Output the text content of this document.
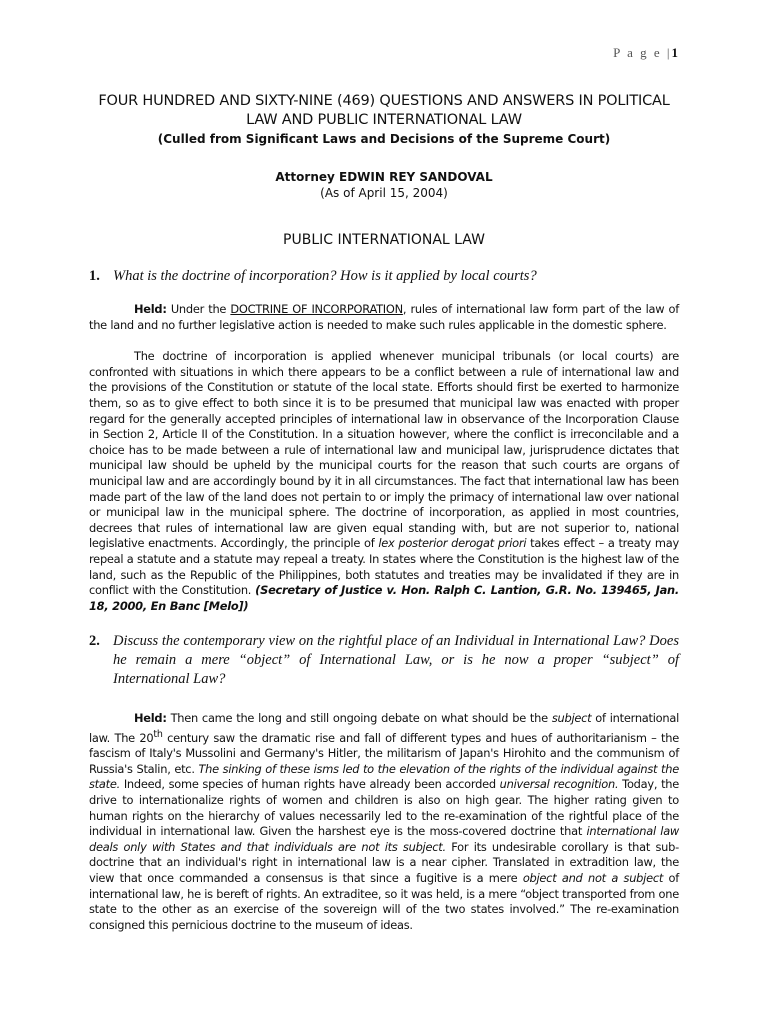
P a g e |1
FOUR HUNDRED AND SIXTY-NINE (469) QUESTIONS AND ANSWERS IN POLITICAL LAW AND PUBLIC INTERNATIONAL LAW
(Culled from Significant Laws and Decisions of the Supreme Court)
Attorney EDWIN REY SANDOVAL
(As of April 15, 2004)
PUBLIC INTERNATIONAL LAW
1. What is the doctrine of incorporation? How is it applied by local courts?

Held: Under the DOCTRINE OF INCORPORATION, rules of international law form part of the law of the land and no further legislative action is needed to make such rules applicable in the domestic sphere.

The doctrine of incorporation is applied whenever municipal tribunals (or local courts) are confronted with situations in which there appears to be a conflict between a rule of international law and the provisions of the Constitution or statute of the local state. Efforts should first be exerted to harmonize them, so as to give effect to both since it is to be presumed that municipal law was enacted with proper regard for the generally accepted principles of international law in observance of the Incorporation Clause in Section 2, Article II of the Constitution. In a situation however, where the conflict is irreconcilable and a choice has to be made between a rule of international law and municipal law, jurisprudence dictates that municipal law should be upheld by the municipal courts for the reason that such courts are organs of municipal law and are accordingly bound by it in all circumstances. The fact that international law has been made part of the law of the land does not pertain to or imply the primacy of international law over national or municipal law in the municipal sphere. The doctrine of incorporation, as applied in most countries, decrees that rules of international law are given equal standing with, but are not superior to, national legislative enactments. Accordingly, the principle of lex posterior derogat priori takes effect – a treaty may repeal a statute and a statute may repeal a treaty. In states where the Constitution is the highest law of the land, such as the Republic of the Philippines, both statutes and treaties may be invalidated if they are in conflict with the Constitution. (Secretary of Justice v. Hon. Ralph C. Lantion, G.R. No. 139465, Jan. 18, 2000, En Banc [Melo])

2. Discuss the contemporary view on the rightful place of an Individual in International Law? Does he remain a mere “object” of International Law, or is he now a proper “subject” of International Law?

Held: Then came the long and still ongoing debate on what should be the subject of international law. The 20th century saw the dramatic rise and fall of different types and hues of authoritarianism – the fascism of Italy's Mussolini and Germany's Hitler, the militarism of Japan's Hirohito and the communism of Russia's Stalin, etc. The sinking of these isms led to the elevation of the rights of the individual against the state. Indeed, some species of human rights have already been accorded universal recognition. Today, the drive to internationalize rights of women and children is also on high gear. The higher rating given to human rights on the hierarchy of values necessarily led to the re-examination of the rightful place of the individual in international law. Given the harshest eye is the moss-covered doctrine that international law deals only with States and that individuals are not its subject. For its undesirable corollary is that sub-doctrine that an individual's right in international law is a near cipher. Translated in extradition law, the view that once commanded a consensus is that since a fugitive is a mere object and not a subject of international law, he is bereft of rights. An extraditee, so it was held, is a mere “object transported from one state to the other as an exercise of the sovereign will of the two states involved.” The re-examination consigned this pernicious doctrine to the museum of ideas.
